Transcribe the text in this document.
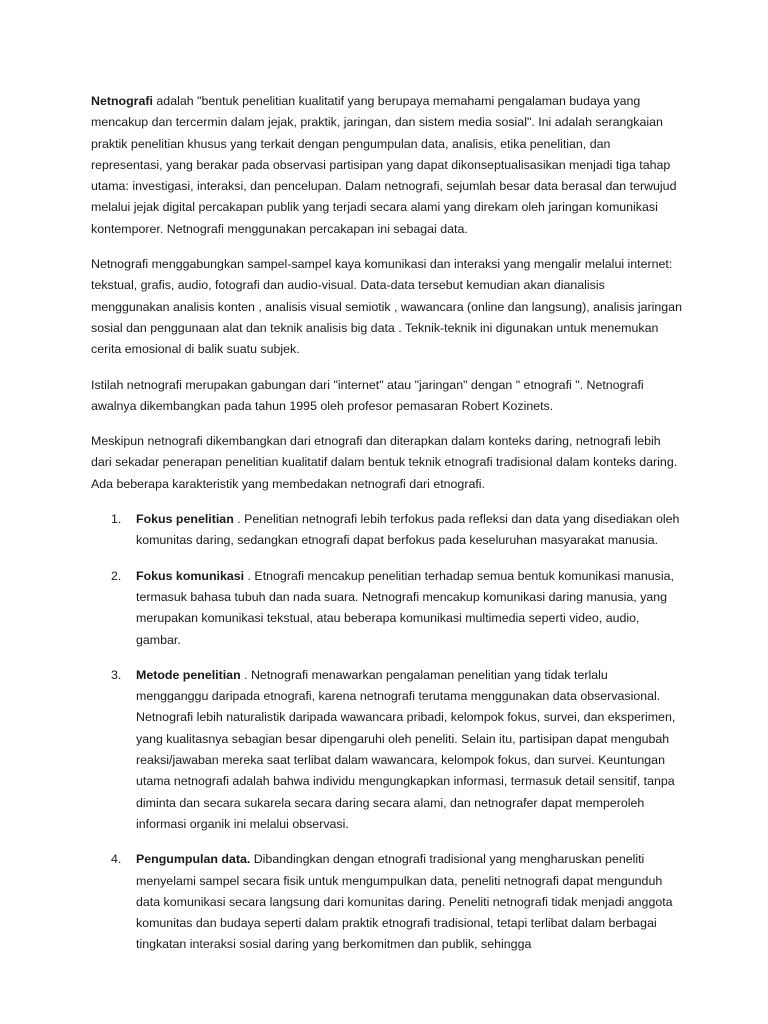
Netnografi adalah "bentuk penelitian kualitatif yang berupaya memahami pengalaman budaya yang mencakup dan tercermin dalam jejak, praktik, jaringan, dan sistem media sosial". Ini adalah serangkaian praktik penelitian khusus yang terkait dengan pengumpulan data, analisis, etika penelitian, dan representasi, yang berakar pada observasi partisipan yang dapat dikonseptualisasikan menjadi tiga tahap utama: investigasi, interaksi, dan pencelupan. Dalam netnografi, sejumlah besar data berasal dan terwujud melalui jejak digital percakapan publik yang terjadi secara alami yang direkam oleh jaringan komunikasi kontemporer. Netnografi menggunakan percakapan ini sebagai data.

Netnografi menggabungkan sampel-sampel kaya komunikasi dan interaksi yang mengalir melalui internet: tekstual, grafis, audio, fotografi dan audio-visual. Data-data tersebut kemudian akan dianalisis menggunakan analisis konten , analisis visual semiotik , wawancara (online dan langsung), analisis jaringan sosial dan penggunaan alat dan teknik analisis big data . Teknik-teknik ini digunakan untuk menemukan cerita emosional di balik suatu subjek.

Istilah netnografi merupakan gabungan dari "internet" atau "jaringan" dengan " etnografi ". Netnografi awalnya dikembangkan pada tahun 1995 oleh profesor pemasaran Robert Kozinets.

Meskipun netnografi dikembangkan dari etnografi dan diterapkan dalam konteks daring, netnografi lebih dari sekadar penerapan penelitian kualitatif dalam bentuk teknik etnografi tradisional dalam konteks daring. Ada beberapa karakteristik yang membedakan netnografi dari etnografi.

1. Fokus penelitian . Penelitian netnografi lebih terfokus pada refleksi dan data yang disediakan oleh komunitas daring, sedangkan etnografi dapat berfokus pada keseluruhan masyarakat manusia.
2. Fokus komunikasi . Etnografi mencakup penelitian terhadap semua bentuk komunikasi manusia, termasuk bahasa tubuh dan nada suara. Netnografi mencakup komunikasi daring manusia, yang merupakan komunikasi tekstual, atau beberapa komunikasi multimedia seperti video, audio, gambar.
3. Metode penelitian . Netnografi menawarkan pengalaman penelitian yang tidak terlalu mengganggu daripada etnografi, karena netnografi terutama menggunakan data observasional. Netnografi lebih naturalistik daripada wawancara pribadi, kelompok fokus, survei, dan eksperimen, yang kualitasnya sebagian besar dipengaruhi oleh peneliti. Selain itu, partisipan dapat mengubah reaksi/jawaban mereka saat terlibat dalam wawancara, kelompok fokus, dan survei. Keuntungan utama netnografi adalah bahwa individu mengungkapkan informasi, termasuk detail sensitif, tanpa diminta dan secara sukarela secara daring secara alami, dan netnografer dapat memperoleh informasi organik ini melalui observasi.
4. Pengumpulan data. Dibandingkan dengan etnografi tradisional yang mengharuskan peneliti menyelami sampel secara fisik untuk mengumpulkan data, peneliti netnografi dapat mengunduh data komunikasi secara langsung dari komunitas daring. Peneliti netnografi tidak menjadi anggota komunitas dan budaya seperti dalam praktik etnografi tradisional, tetapi terlibat dalam berbagai tingkatan interaksi sosial daring yang berkomitmen dan publik, sehingga
